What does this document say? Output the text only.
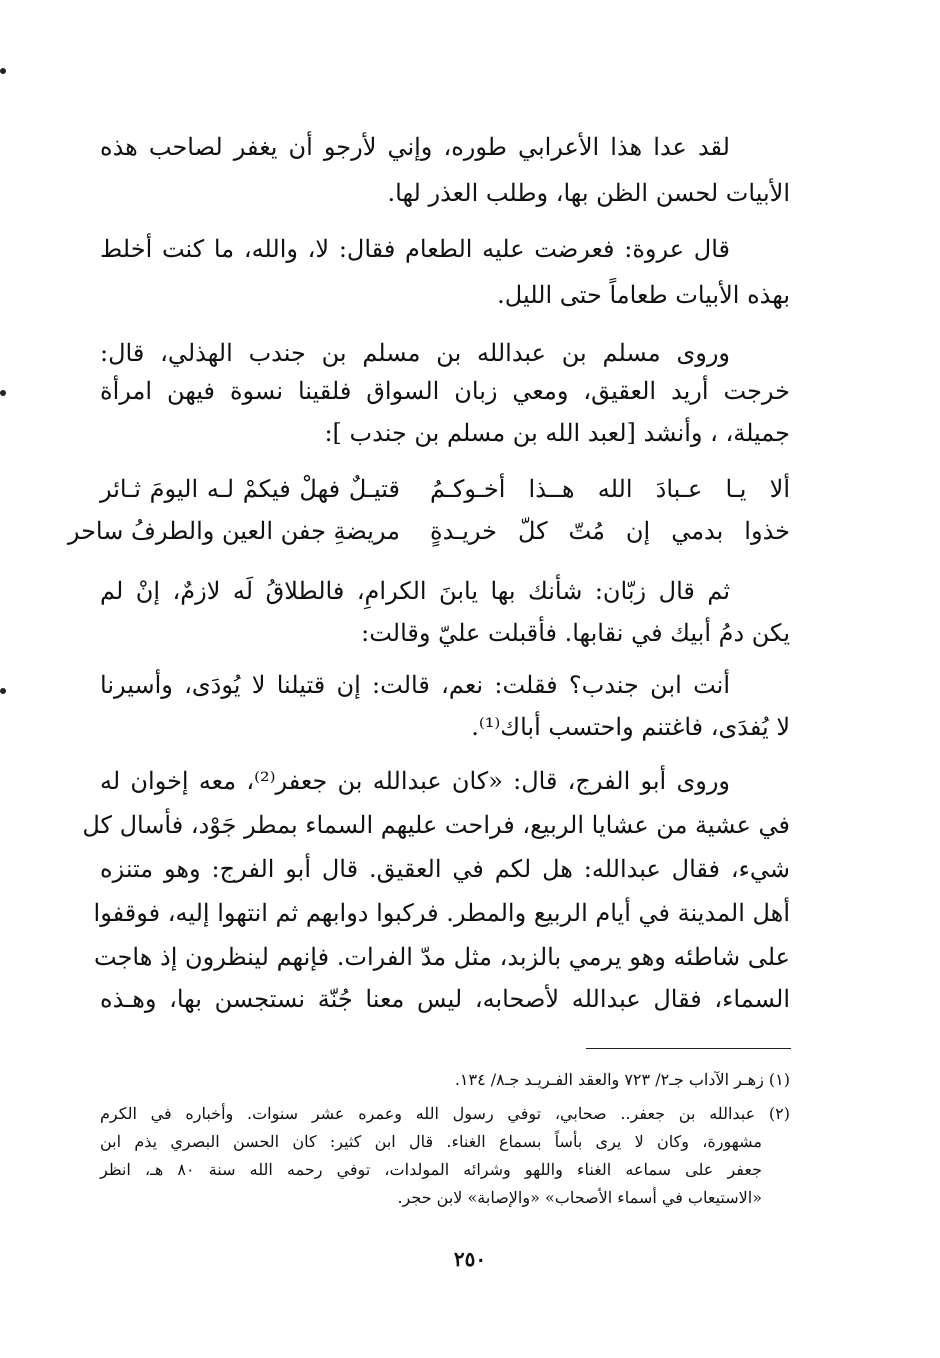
لقد عدا هذا الأعرابي طوره، وإني لأرجو أن يغفر لصاحب هذه
الأبيات لحسن الظن بها، وطلب العذر لها.
قال عروة: فعرضت عليه الطعام فقال: لا، والله، ما كنت أخلط
بهذه الأبيات طعاماً حتى الليل.
وروى مسلم بن عبدالله بن مسلم بن جندب الهذلي، قال:
خرجت أريد العقيق، ومعي زبان السواق فلقينا نسوة فيهن امرأة
جميلة، ، وأنشد [لعبد الله بن مسلم بن جندب ]:
ألا يـا عـبادَ الله هــذا أخـوكـمُ
قتيـلٌ فهلْ فيكمْ لـه اليومَ ثـائر
خذوا بدمي إن مُتّ كلّ خريـدةٍ
مريضةِ جفن العين والطرفُ ساحر
ثم قال زبّان: شأنك بها يابنَ الكرامِ، فالطلاقُ لَه لازمٌ، إنْ لم
يكن دمُ أبيك في نقابها. فأقبلت عليّ وقالت:
أنت ابن جندب؟ فقلت: نعم، قالت: إن قتيلنا لا يُودَى، وأسيرنا
لا يُفدَى، فاغتنم واحتسب أباك⁽¹⁾.
وروى أبو الفرج، قال: «كان عبدالله بن جعفر⁽²⁾، معه إخوان له
في عشية من عشايا الربيع، فراحت عليهم السماء بمطر جَوْد، فأسال كل
شيء، فقال عبدالله: هل لكم في العقيق. قال أبو الفرج: وهو متنزه
أهل المدينة في أيام الربيع والمطر. فركبوا دوابهم ثم انتهوا إليه، فوقفوا
على شاطئه وهو يرمي بالزبد، مثل مدّ الفرات. فإنهم لينظرون إذ هاجت
السماء، فقال عبدالله لأصحابه، ليس معنا جُنّة نستجسن بها، وهـذه
(١) زهـر الآداب جـ٢/ ٧٢٣ والعقد الفـريـد جـ٨/ ١٣٤.
(٢) عبدالله بن جعفر.. صحابي، توفي رسول الله وعمره عشر سنوات. وأخباره في الكرم
مشهورة، وكان لا يرى بأساً بسماع الغناء. قال ابن كثير: كان الحسن البصري يذم ابن
جعفر على سماعه الغناء واللهو وشرائه المولدات، توفي رحمه الله سنة ٨٠ هـ، انظر
«الاستيعاب في أسماء الأصحاب» «والإصابة» لابن حجر.
٢٥٠
